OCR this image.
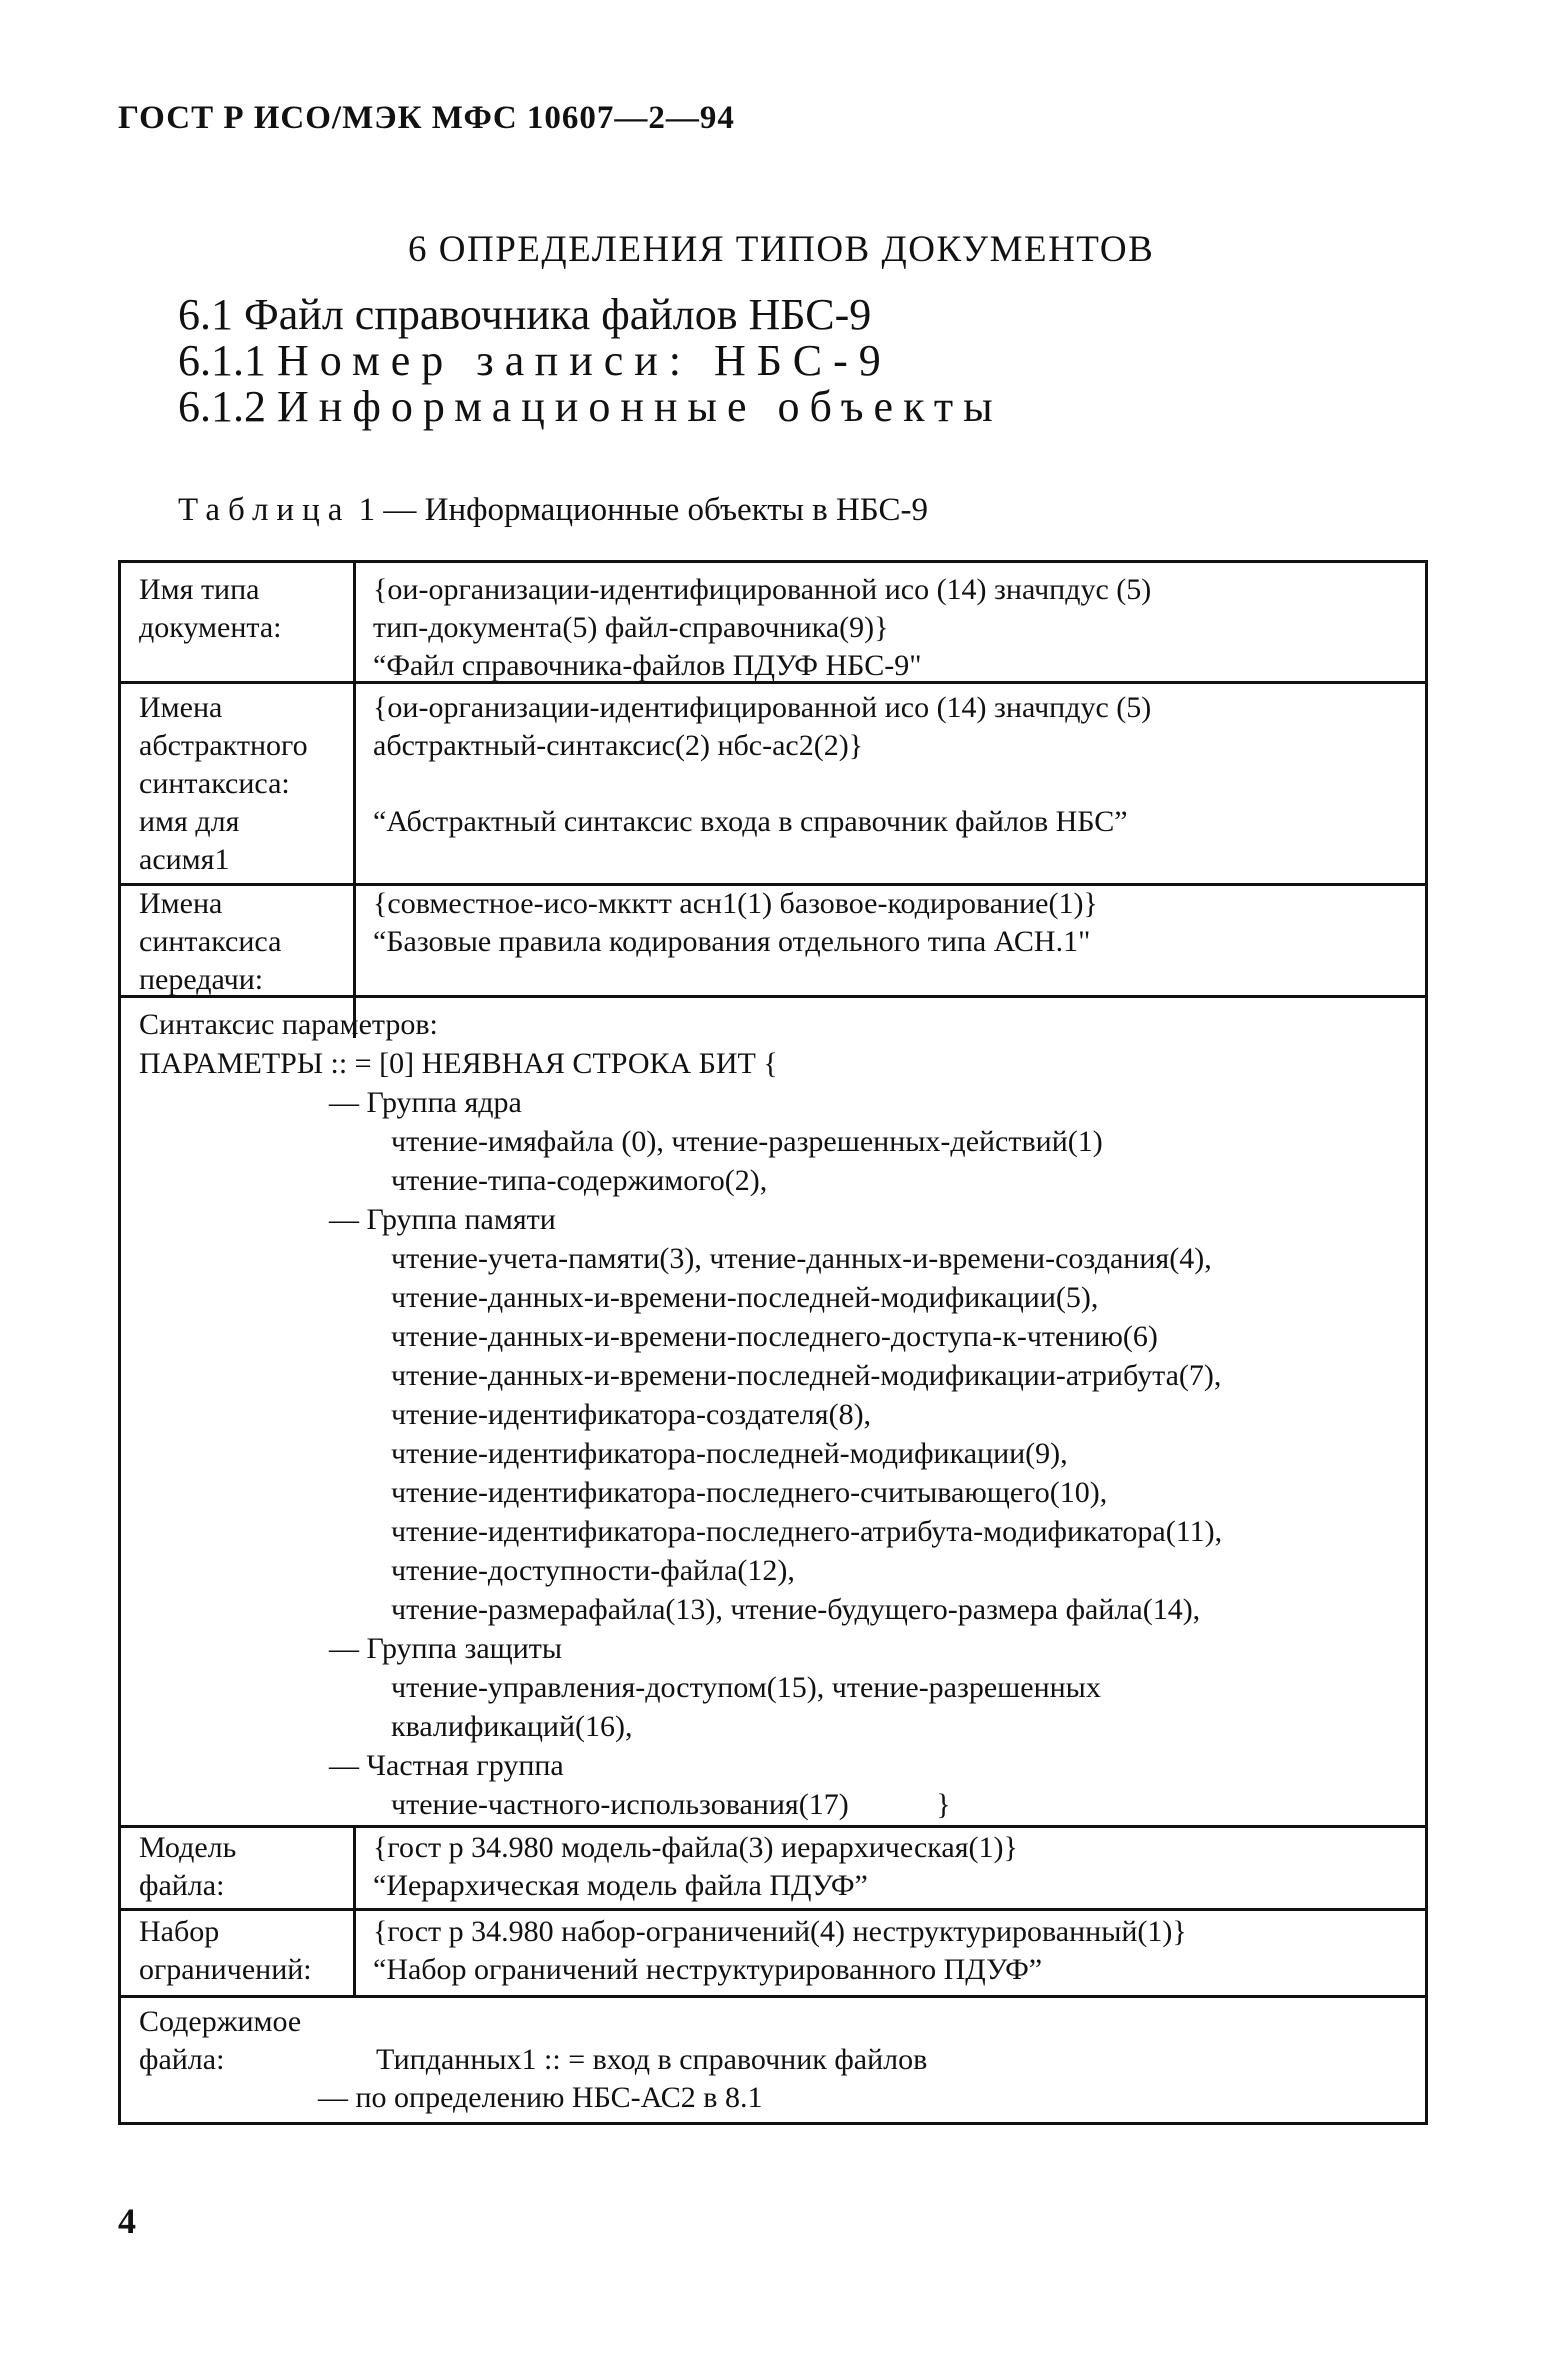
ГОСТ Р ИСО/МЭК МФС 10607—2—94
6 ОПРЕДЕЛЕНИЯ ТИПОВ ДОКУМЕНТОВ
6.1 Файл справочника файлов НБС-9
6.1.1 Номер записи: НБС-9
6.1.2 Информационные объекты
Таблица 1 — Информационные объекты в НБС-9
Имя типа
документа:
{ои-организации-идентифицированной исо (14) значпдус (5)
тип-документа(5) файл-справочника(9)}
“Файл справочника-файлов ПДУФ НБС-9"
Имена
абстрактного
синтаксиса:
имя для
асимя1
{ои-организации-идентифицированной исо (14) значпдус (5)
абстрактный-синтаксис(2) нбс-ас2(2)}

“Абстрактный синтаксис входа в справочник файлов НБС”
Имена
синтаксиса
передачи:
{совместное-исо-мкктт асн1(1) базовое-кодирование(1)}
“Базовые правила кодирования отдельного типа АСН.1"
Синтаксис параметров:
ПАРАМЕТРЫ :: = [0] НЕЯВНАЯ СТРОКА БИТ {
— Группа ядра
чтение-имяфайла (0), чтение-разрешенных-действий(1)
чтение-типа-содержимого(2),
— Группа памяти
чтение-учета-памяти(3), чтение-данных-и-времени-создания(4),
чтение-данных-и-времени-последней-модификации(5),
чтение-данных-и-времени-последнего-доступа-к-чтению(6)
чтение-данных-и-времени-последней-модификации-атрибута(7),
чтение-идентификатора-создателя(8),
чтение-идентификатора-последней-модификации(9),
чтение-идентификатора-последнего-считывающего(10),
чтение-идентификатора-последнего-атрибута-модификатора(11),
чтение-доступности-файла(12),
чтение-размерафайла(13), чтение-будущего-размера файла(14),
— Группа защиты
чтение-управления-доступом(15), чтение-разрешенных
квалификаций(16),
— Частная группа
чтение-частного-использования(17)	}
Модель
файла:
{гост р 34.980 модель-файла(3) иерархическая(1)}
“Иерархическая модель файла ПДУФ”
Набор
ограничений:
{гост р 34.980 набор-ограничений(4) неструктурированный(1)}
“Набор ограничений неструктурированного ПДУФ”
Содержимое
файла:	Типданных1 :: = вход в справочник файлов
— по определению НБС-АС2 в 8.1
4
